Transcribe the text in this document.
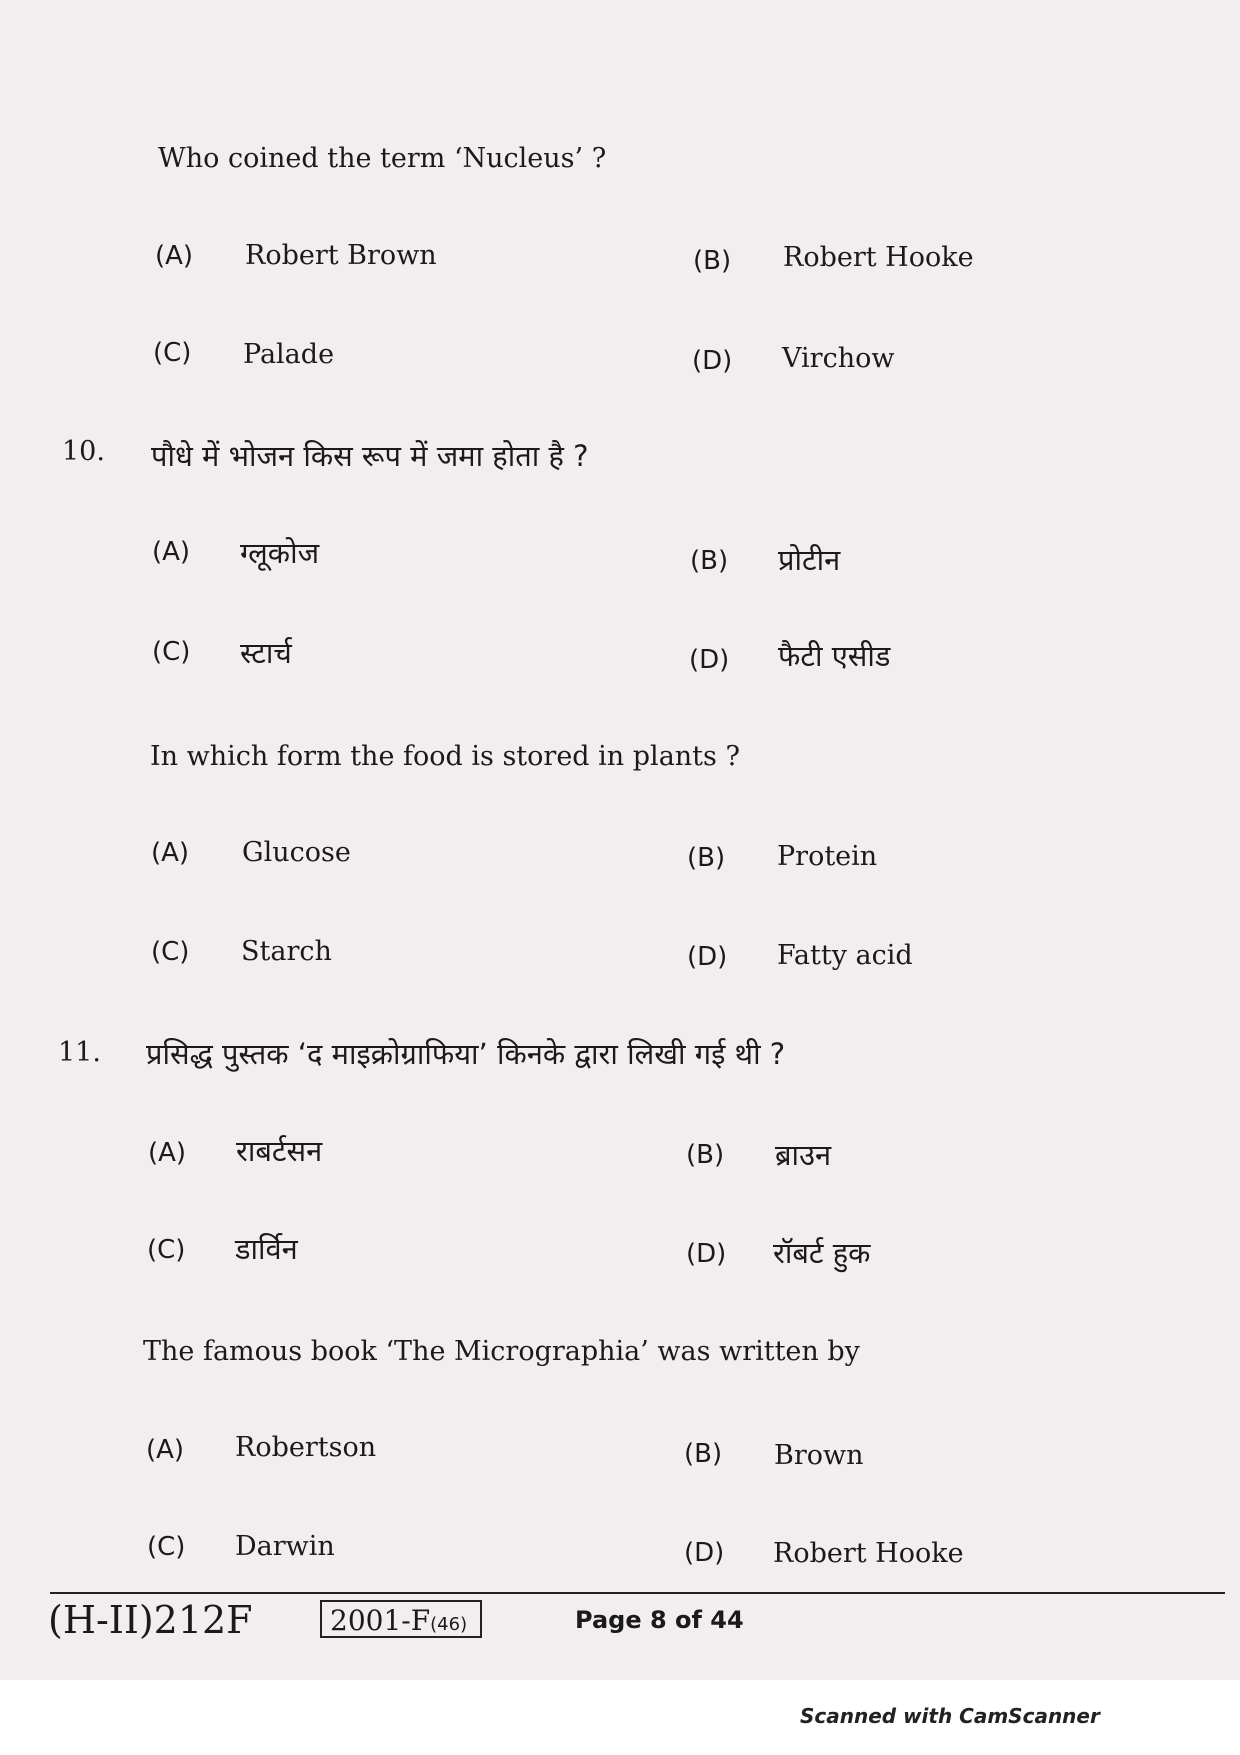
Who coined the term ‘Nucleus’ ?
(A) Robert Brown	(B) Robert Hooke
(C) Palade	(D) Virchow
10. पौधे में भोजन किस रूप में जमा होता है ?
(A) ग्लूकोज	(B) प्रोटीन
(C) स्टार्च	(D) फैटी एसीड
In which form the food is stored in plants ?
(A) Glucose	(B) Protein
(C) Starch	(D) Fatty acid
11. प्रसिद्ध पुस्तक ‘द माइक्रोग्राफिया’ किनके द्वारा लिखी गई थी ?
(A) राबर्टसन	(B) ब्राउन
(C) डार्विन	(D) रॉबर्ट हुक
The famous book ‘The Micrographia’ was written by
(A) Robertson	(B) Brown
(C) Darwin	(D) Robert Hooke
(H-II)212F	2001-F(46)	Page 8 of 44
Scanned with CamScanner
